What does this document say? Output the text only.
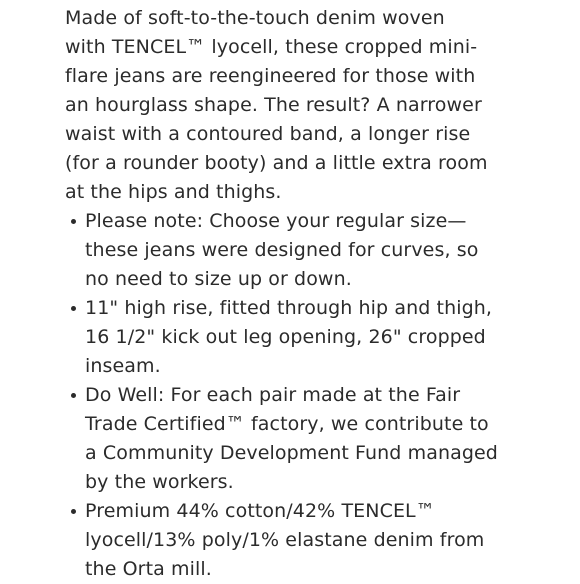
Made of soft-to-the-touch denim woven
with TENCEL™ lyocell, these cropped mini-
flare jeans are reengineered for those with
an hourglass shape. The result? A narrower
waist with a contoured band, a longer rise
(for a rounder booty) and a little extra room
at the hips and thighs.

Please note: Choose your regular size—
these jeans were designed for curves, so
no need to size up or down.
11" high rise, fitted through hip and thigh,
16 1/2" kick out leg opening, 26" cropped
inseam.
Do Well: For each pair made at the Fair
Trade Certified™ factory, we contribute to
a Community Development Fund managed
by the workers.
Premium 44% cotton/42% TENCEL™
lyocell/13% poly/1% elastane denim from
the Orta mill.
